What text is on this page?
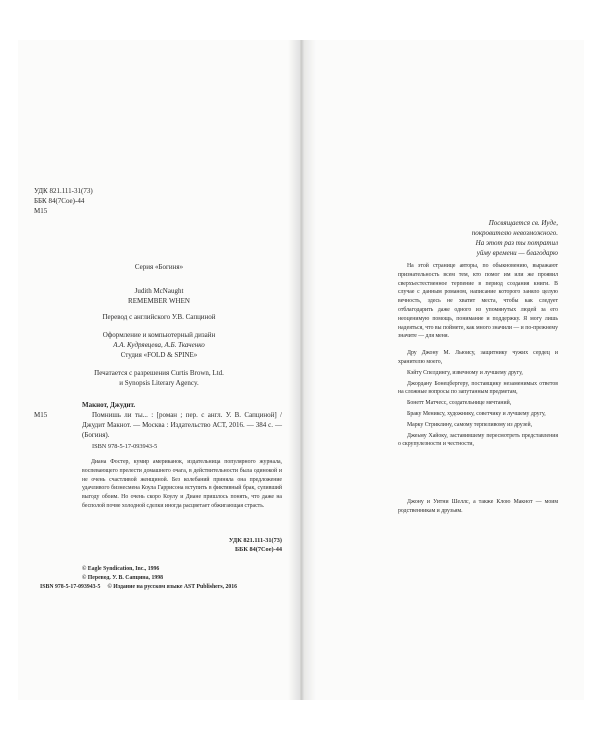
УДК 821.111-31(73)
ББК 84(7Сое)-44
М15
Серия «Богиня»
Judith McNaught
REMEMBER WHEN
Перевод с английского У.В. Сапциной
Оформление и компьютерный дизайн
А.А. Кудрявцева, А.Б. Ткаченко
Студия «FOLD & SPINE»
Печатается с разрешения Curtis Brown, Ltd.
и Synopsis Literary Agency.
Макнот, Джудит.
М15	Помнишь ли ты... : [роман ; пер. с англ. У. В. Сапциной] / Джудит Макнот. — Москва : Издательство АСТ, 2016. — 384 с. — (Богиня).
ISBN 978-5-17-093943-5
Диана Фостер, кумир американок, издательница популярного журнала, воспевающего прелести домашнего очага, в действительности была одинокой и не очень счастливой женщиной. Без колебаний приняла она предложение удачливого бизнесмена Коула Гаррисона вступить в фиктивный брак, суливший выгоду обоим. Но очень скоро Коулу и Диане пришлось понять, что даже на бесполой почве холодной сделки иногда расцветает обжигающая страсть.
УДК 821.111-31(73)
ББК 84(7Сое)-44
© Eagle Syndication, Inc., 1996
© Перевод. У. В. Сапцина, 1998
ISBN 978-5-17-093943-5 © Издание на русском языке AST Publishers, 2016
Посвящается св. Иуде,
покровителю невозможного.
На этот раз ты потратил
уйму времени — благодарю

На этой странице авторы, по обыкновению, выражают признательность всем тем, кто помог им или же проявил сверхъестественное терпение в период создания книги. В случае с данным романом, написание которого заняло целую вечность, здесь не хватит места, чтобы как следует отблагодарить даже одного из упомянутых людей за его неоценимую помощь, понимание и поддержку. Я могу лишь надеяться, что вы поймете, как много значили — и по-прежнему значите — для меня.

Дру Джону М. Льюису, защитнику чужих сердец и хранителю моего,

Кэйту Спелдингу, извечному и лучшему другу,

Джордану Бонецбергеру, поставщику незаменимых ответов на сложные вопросы по запутанным предметам,

Бонетт Матчесс, создательнице мечтаний,

Браку Мениксу, художнику, советчику и лучшему другу,

Марку Стриклину, самому терпеливому из друзей,

Джеьму Хайоку, заставившему пересмотреть представления о скрупулезности и честности,

Джону и Уитни Шеллс, а также Клою Макнот — моим родственникам и друзьям.
